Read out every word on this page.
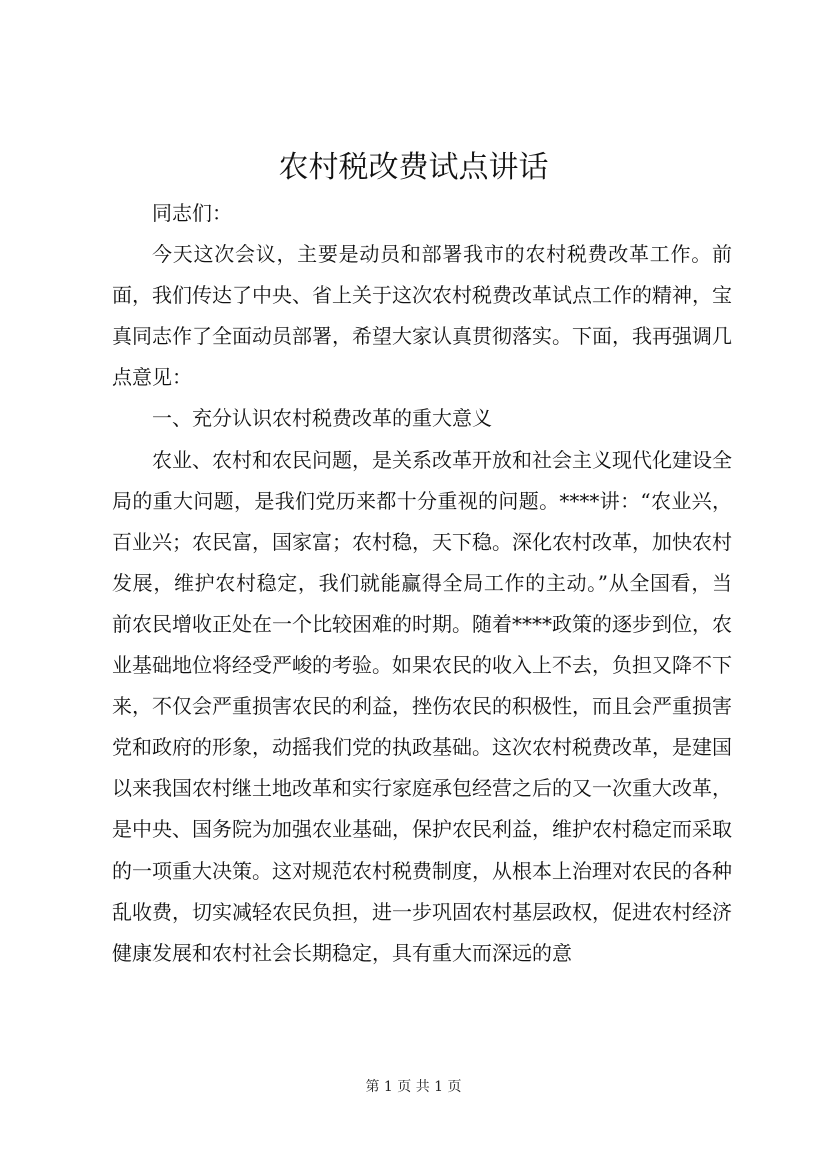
农村税改费试点讲话

同志们：

今天这次会议，主要是动员和部署我市的农村税费改革工作。前面，我们传达了中央、省上关于这次农村税费改革试点工作的精神，宝真同志作了全面动员部署，希望大家认真贯彻落实。下面，我再强调几点意见：

一、充分认识农村税费改革的重大意义

农业、农村和农民问题，是关系改革开放和社会主义现代化建设全局的重大问题，是我们党历来都十分重视的问题。****讲：“农业兴，百业兴；农民富，国家富；农村稳，天下稳。深化农村改革，加快农村发展，维护农村稳定，我们就能赢得全局工作的主动。”从全国看，当前农民增收正处在一个比较困难的时期。随着****政策的逐步到位，农业基础地位将经受严峻的考验。如果农民的收入上不去，负担又降不下来，不仅会严重损害农民的利益，挫伤农民的积极性，而且会严重损害党和政府的形象，动摇我们党的执政基础。这次农村税费改革，是建国以来我国农村继土地改革和实行家庭承包经营之后的又一次重大改革，是中央、国务院为加强农业基础，保护农民利益，维护农村稳定而采取的一项重大决策。这对规范农村税费制度，从根本上治理对农民的各种乱收费，切实减轻农民负担，进一步巩固农村基层政权，促进农村经济健康发展和农村社会长期稳定，具有重大而深远的意

第 1 页 共 1 页
